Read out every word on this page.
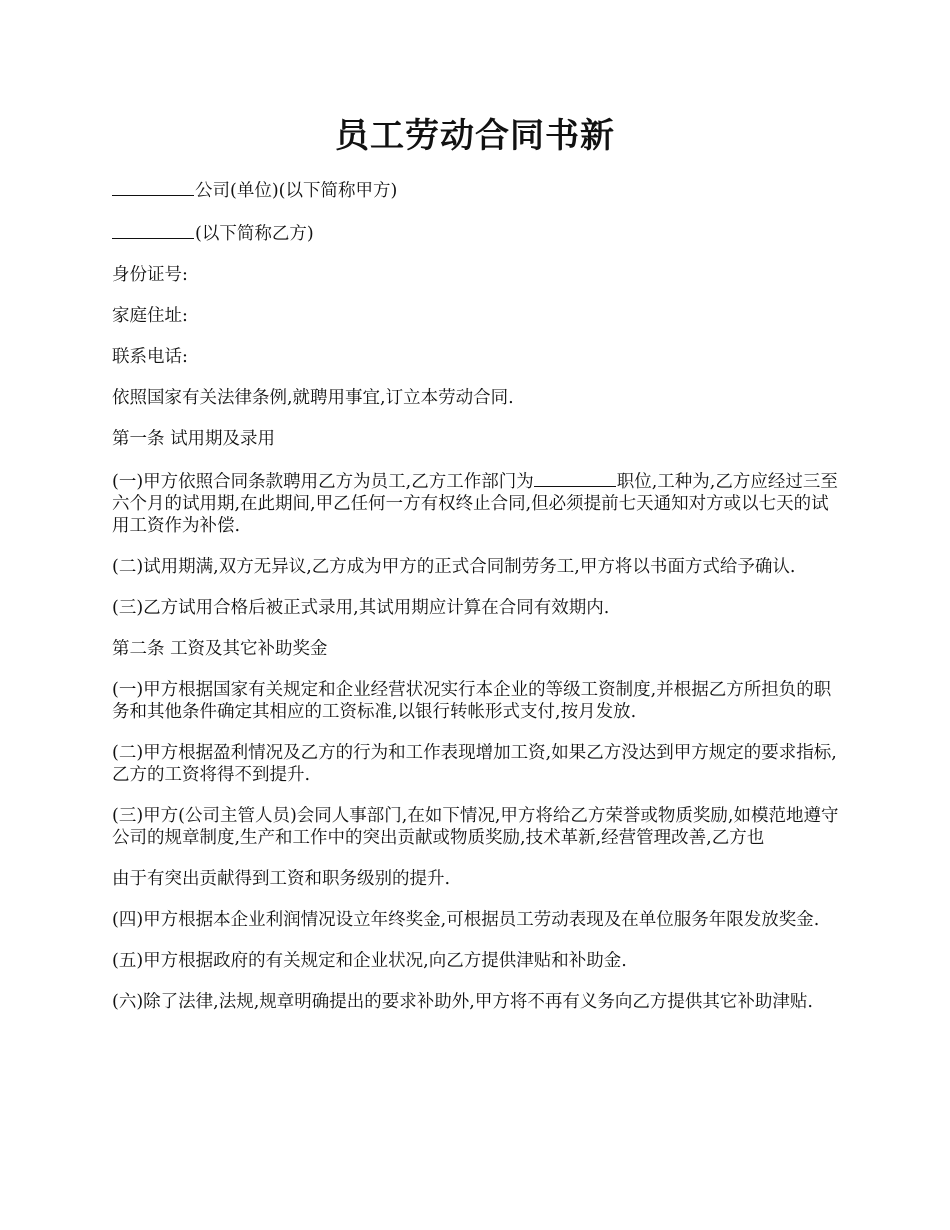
员工劳动合同书新
公司(单位)(以下简称甲方)
(以下简称乙方)
身份证号:
家庭住址:
联系电话:
依照国家有关法律条例,就聘用事宜,订立本劳动合同.
第一条 试用期及录用
(一)甲方依照合同条款聘用乙方为员工,乙方工作部门为	职位,工种为,乙方应经过三至 六个月的试用期,在此期间,甲乙任何一方有权终止合同,但必须提前七天通知对方或以七天的试用工资作为补偿.
(二)试用期满,双方无异议,乙方成为甲方的正式合同制劳务工,甲方将以书面方式给予确认.
(三)乙方试用合格后被正式录用,其试用期应计算在合同有效期内.
第二条 工资及其它补助奖金
(一)甲方根据国家有关规定和企业经营状况实行本企业的等级工资制度,并根据乙方所担负的职务和其他条件确定其相应的工资标准,以银行转帐形式支付,按月发放.
(二)甲方根据盈利情况及乙方的行为和工作表现增加工资,如果乙方没达到甲方规定的要求指标,乙方的工资将得不到提升.
(三)甲方(公司主管人员)会同人事部门,在如下情况,甲方将给乙方荣誉或物质奖励,如模范地遵守公司的规章制度,生产和工作中的突出贡献或物质奖励,技术革新,经营管理改善,乙方也
由于有突出贡献得到工资和职务级别的提升.
(四)甲方根据本企业利润情况设立年终奖金,可根据员工劳动表现及在单位服务年限发放奖金.
(五)甲方根据政府的有关规定和企业状况,向乙方提供津贴和补助金.
(六)除了法律,法规,规章明确提出的要求补助外,甲方将不再有义务向乙方提供其它补助津贴.
